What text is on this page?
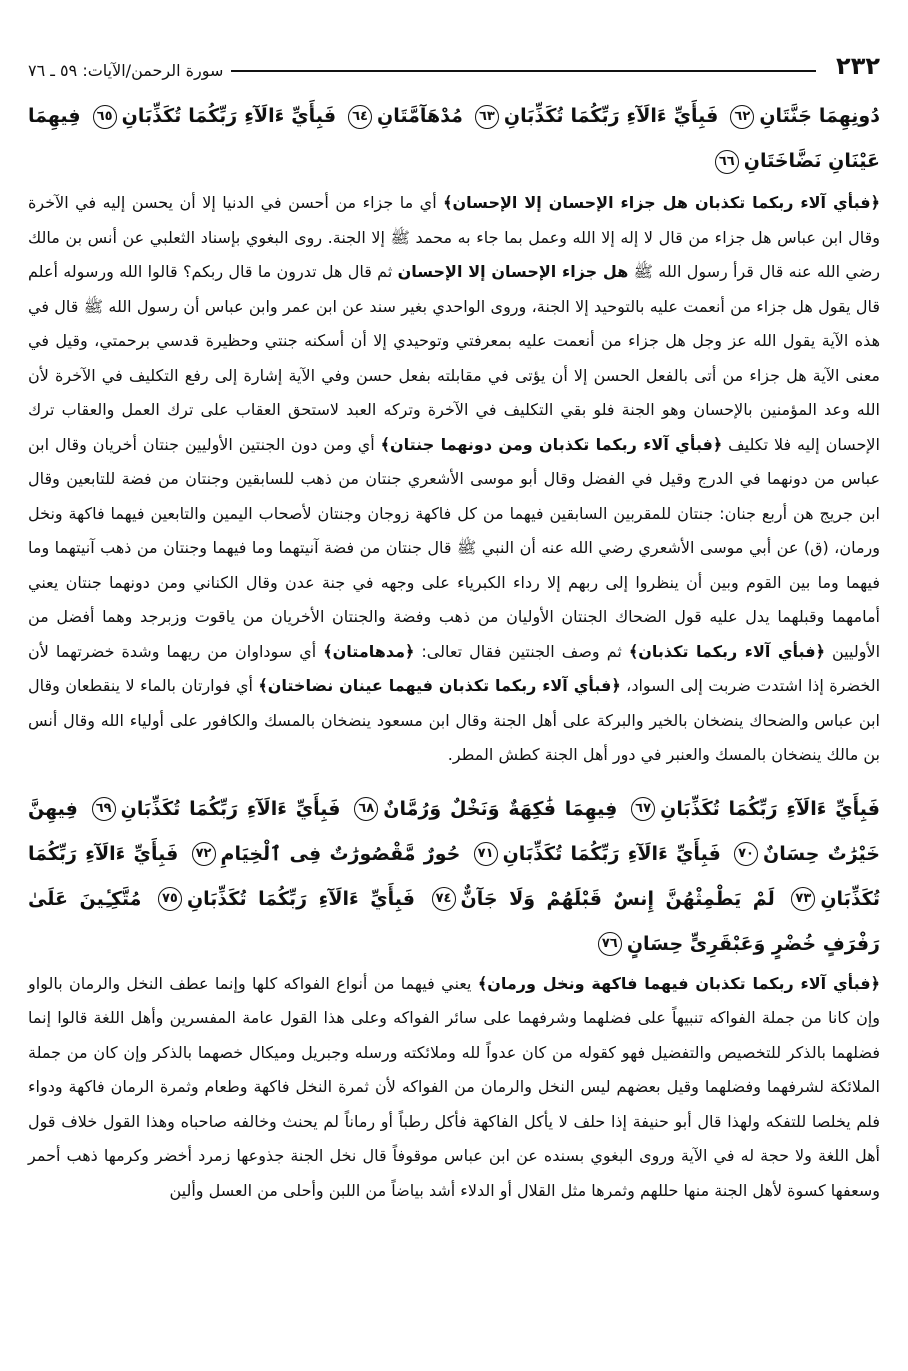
٢٣٢
سورة الرحمن/الآيات: ٥٩ ـ ٧٦
دُونِهِمَا جَنَّتَانِ٦٢ فَبِأَيِّ ءَالَآءِ رَبِّكُمَا تُكَذِّبَانِ٦٣ مُدْهَآمَّتَانِ٦٤ فَبِأَيِّ ءَالَآءِ رَبِّكُمَا تُكَذِّبَانِ٦٥ فِيهِمَا عَيْنَانِ نَضَّاخَتَانِ٦٦
﴿فبأي آلاء ربكما تكذبان هل جزاء الإحسان إلا الإحسان﴾ أي ما جزاء من أحسن في الدنيا إلا أن يحسن إليه في الآخرة وقال ابن عباس هل جزاء من قال لا إله إلا الله وعمل بما جاء به محمد ﷺ إلا الجنة. روى البغوي بإسناد الثعلبي عن أنس بن مالك رضي الله عنه قال قرأ رسول الله ﷺ هل جزاء الإحسان إلا الإحسان ثم قال هل تدرون ما قال ربكم؟ قالوا الله ورسوله أعلم قال يقول هل جزاء من أنعمت عليه بالتوحيد إلا الجنة، وروى الواحدي بغير سند عن ابن عمر وابن عباس أن رسول الله ﷺ قال في هذه الآية يقول الله عز وجل هل جزاء من أنعمت عليه بمعرفتي وتوحيدي إلا أن أسكنه جنتي وحظيرة قدسي برحمتي، وقيل في معنى الآية هل جزاء من أتى بالفعل الحسن إلا أن يؤتى في مقابلته بفعل حسن وفي الآية إشارة إلى رفع التكليف في الآخرة لأن الله وعد المؤمنين بالإحسان وهو الجنة فلو بقي التكليف في الآخرة وتركه العبد لاستحق العقاب على ترك العمل والعقاب ترك الإحسان إليه فلا تكليف ﴿فبأي آلاء ربكما تكذبان ومن دونهما جنتان﴾ أي ومن دون الجنتين الأوليين جنتان أخريان وقال ابن عباس من دونهما في الدرج وقيل في الفضل وقال أبو موسى الأشعري جنتان من ذهب للسابقين وجنتان من فضة للتابعين وقال ابن جريج هن أربع جنان: جنتان للمقربين السابقين فيهما من كل فاكهة زوجان وجنتان لأصحاب اليمين والتابعين فيهما فاكهة ونخل ورمان، (ق) عن أبي موسى الأشعري رضي الله عنه أن النبي ﷺ قال جنتان من فضة آنيتهما وما فيهما وجنتان من ذهب آنيتهما وما فيهما وما بين القوم وبين أن ينظروا إلى ربهم إلا رداء الكبرياء على وجهه في جنة عدن وقال الكناني ومن دونهما جنتان يعني أمامهما وقبلهما يدل عليه قول الضحاك الجنتان الأوليان من ذهب وفضة والجنتان الأخريان من ياقوت وزبرجد وهما أفضل من الأوليين ﴿فبأي آلاء ربكما تكذبان﴾ ثم وصف الجنتين فقال تعالى: ﴿مدهامتان﴾ أي سوداوان من ريهما وشدة خضرتهما لأن الخضرة إذا اشتدت ضربت إلى السواد، ﴿فبأي آلاء ربكما تكذبان فيهما عينان نضاختان﴾ أي فوارتان بالماء لا ينقطعان وقال ابن عباس والضحاك ينضخان بالخير والبركة على أهل الجنة وقال ابن مسعود ينضخان بالمسك والكافور على أولياء الله وقال أنس بن مالك ينضخان بالمسك والعنبر في دور أهل الجنة كطش المطر.
فَبِأَيِّ ءَالَآءِ رَبِّكُمَا تُكَذِّبَانِ٦٧ فِيهِمَا فَٰكِهَةٌ وَنَخْلٌ وَرُمَّانٌ٦٨ فَبِأَيِّ ءَالَآءِ رَبِّكُمَا تُكَذِّبَانِ٦٩ فِيهِنَّ خَيْرَٰتٌ حِسَانٌ٧٠ فَبِأَيِّ ءَالَآءِ رَبِّكُمَا تُكَذِّبَانِ٧١ حُورٌ مَّقْصُورَٰتٌ فِى ٱلْخِيَامِ٧٢ فَبِأَيِّ ءَالَآءِ رَبِّكُمَا تُكَذِّبَانِ٧٣ لَمْ يَطْمِثْهُنَّ إِنسٌ قَبْلَهُمْ وَلَا جَآنٌّ٧٤ فَبِأَيِّ ءَالَآءِ رَبِّكُمَا تُكَذِّبَانِ٧٥ مُتَّكِـِٔينَ عَلَىٰ رَفْرَفٍ خُضْرٍ وَعَبْقَرِىٍّ حِسَانٍ٧٦
﴿فبأي آلاء ربكما تكذبان فيهما فاكهة ونخل ورمان﴾ يعني فيهما من أنواع الفواكه كلها وإنما عطف النخل والرمان بالواو وإن كانا من جملة الفواكه تنبيهاً على فضلهما وشرفهما على سائر الفواكه وعلى هذا القول عامة المفسرين وأهل اللغة قالوا إنما فضلهما بالذكر للتخصيص والتفضيل فهو كقوله من كان عدواً لله وملائكته ورسله وجبريل وميكال خصهما بالذكر وإن كان من جملة الملائكة لشرفهما وفضلهما وقيل بعضهم ليس النخل والرمان من الفواكه لأن ثمرة النخل فاكهة وطعام وثمرة الرمان فاكهة ودواء فلم يخلصا للتفكه ولهذا قال أبو حنيفة إذا حلف لا يأكل الفاكهة فأكل رطباً أو رماناً لم يحنث وخالفه صاحباه وهذا القول خلاف قول أهل اللغة ولا حجة له في الآية وروى البغوي بسنده عن ابن عباس موقوفاً قال نخل الجنة جذوعها زمرد أخضر وكرمها ذهب أحمر وسعفها كسوة لأهل الجنة منها حللهم وثمرها مثل القلال أو الدلاء أشد بياضاً من اللبن وأحلى من العسل وألين
